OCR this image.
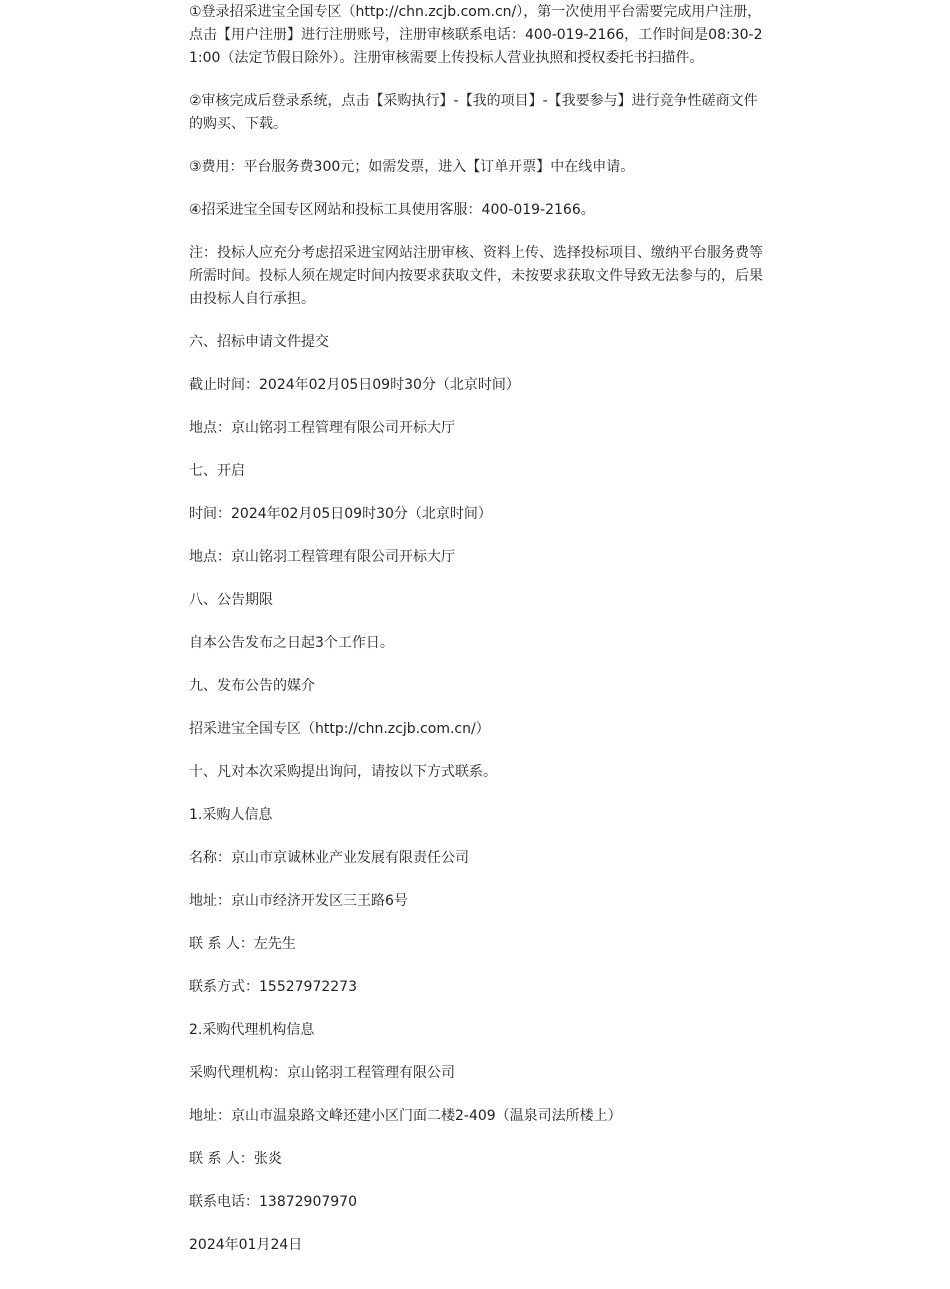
①登录招采进宝全国专区（http://chn.zcjb.com.cn/），第一次使用平台需要完成用户注册，点击【用户注册】进行注册账号，注册审核联系电话：400-019-2166，工作时间是08:30-21:00（法定节假日除外）。注册审核需要上传投标人营业执照和授权委托书扫描件。

②审核完成后登录系统，点击【采购执行】-【我的项目】-【我要参与】进行竞争性磋商文件的购买、下载。

③费用：平台服务费300元；如需发票，进入【订单开票】中在线申请。

④招采进宝全国专区网站和投标工具使用客服：400-019-2166。

注：投标人应充分考虑招采进宝网站注册审核、资料上传、选择投标项目、缴纳平台服务费等所需时间。投标人须在规定时间内按要求获取文件，未按要求获取文件导致无法参与的，后果由投标人自行承担。

六、招标申请文件提交

截止时间：2024年02月05日09时30分（北京时间）

地点：京山铭羽工程管理有限公司开标大厅

七、开启

时间：2024年02月05日09时30分（北京时间）

地点：京山铭羽工程管理有限公司开标大厅

八、公告期限

自本公告发布之日起3个工作日。

九、发布公告的媒介

招采进宝全国专区（http://chn.zcjb.com.cn/）

十、凡对本次采购提出询问，请按以下方式联系。

1.采购人信息

名称：京山市京诚林业产业发展有限责任公司

地址：京山市经济开发区三王路6号

联 系 人：左先生

联系方式：15527972273

2.采购代理机构信息

采购代理机构：京山铭羽工程管理有限公司

地址：京山市温泉路文峰还建小区门面二楼2-409（温泉司法所楼上）

联 系 人：张炎

联系电话：13872907970

2024年01月24日
